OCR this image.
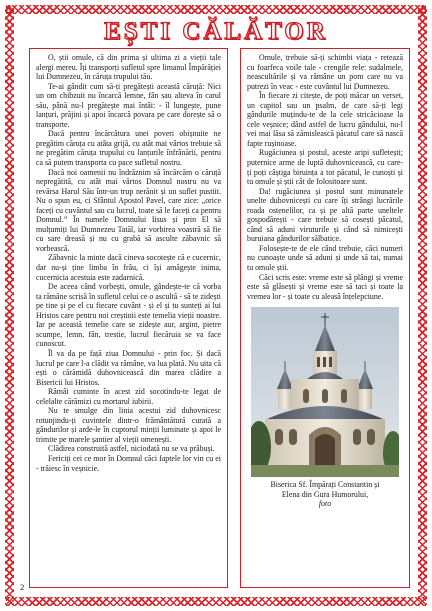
EȘTI CĂLĂTOR

O, știi omule, că din prima și ultima zi a vieții tale alergi mereu. Îți transporți sufletul spre limanul Împărăției lui Dumnezeu, în căruța trupului tău.

Te-ai gândit cum să-ți pregătești această căruță: Nici un om chibzuit nu încarcă lemne, fân sau alteva în carul său, până nu-l pregătește mai întâi: - îl lungește, pune lanțuri, prăjini și apoi încarcă povara pe care dorește să o transporte.

Dacă pentru încărcătura unei poveri obișnuite ne pregătim căruța cu atâta grijă, cu atât mai vârtos trebuie să ne pregătim căruța trupului cu lanțurile înfrânării, pentru ca să putem transporta cu pace sufletul nostru.

Dacă noi oamenii nu îndrăznim să încărcăm o căruță nepregătită, cu atât mai vârtos Domnul nostru nu va revărsa Harul Său într-un trup nerănit și un suflet pustiit. Nu o spun eu, ci Sfântul Apostol Pavel, care zice: „orice faceți cu cuvântul sau cu lucrul, toate să le faceți ca pentru Domnul.” În numele Domnului Iisus și prin El să mulțumiți lui Dumnezeu Tatăl, iar vorbirea voastră să fie cu sare dreasă și nu cu grabă să asculte zăbavnic să vorbească.

Zăbavnic la minte dacă cineva socotește că e cucernic, dar nu-și ține limba în frâu, ci își amăgește inima, cucernicia acestuia este zadarnică.

De aceea când vorbești, omule, gândește-te că vorba ta rămâne scrisă în sufletul celui ce o ascultă - să te zidești pe tine și pe el cu fiecare cuvânt - și el și tu sunteți ai lui Hristos care pentru noi creștinii este temelia vieții noastre. Iar pe această temelie care se zidește aur, argint, pietre scumpe, lemn, fân, trestie, lucrul fiecăruia se va face cunoscut.

Îl va da pe față ziua Domnului - prin foc. Și dacă lucrul pe care l-a clădit va rămâne, va lua plată. Nu uita că ești o cărămidă duhovnicească din marea clădire a Bisericii lui Hristos.

Rămâi cuminte în acest zid socotindu-te legat de celelalte cărămizi cu mortarul iubirii.

Nu te smulge din linia acestui zid duhovnicesc rotunjindu-ți cuvintele dintr-o frământătură curată a gândurilor și arde-le în cuptorul minții luminate și apoi le trimite pe marele șantier al vieții omenești.

Clădirea construită astfel, niciodată nu se va prăbuși.

Fericiți cei ce mor în Domnul căci faptele lor vin cu ei - trăiesc în veșnicie.

Omule, trebuie să-ți schimbi viața - retează cu foarfeca voile tale - crengile rele: sudalmele, neascultările și va rămâne un pom care nu va putrezi în veac - este cuvântul lui Dumnezeu.

În fiecare zi citește, de poți măcar un verset, un capitol sau un psalm, de care să-ți legi gândurile muțindu-te de la cele stricăcioase la cele veșnice; dând astfel de lucru gândului, nu-l vei mai lăsa să zămislească păcatul care să nască fapte rușinoase.

Rugăciunea și postul, aceste aripi sufletești; puternice arme de luptă duhovnicească, cu care-ți poți câștiga biruința a tot păcatul, le cunoști și tu omule și știi cât de folositoare sunt.

Da! rugăciunea și postul sunt minunatele unelte duhovnicești cu care îți strângi lucrările roada ostenelilor, ca și pe altă parte uneltele gospodărești - care trebuie să cosești păcatul, când să aduni viruturile și când să nimicești buruiana gândurilor sălbatice.

Folosește-te de ele când trebuie, căci numeri nu cunoaște unde să aduni și unde să tai, numai tu omule știi.

Căci scris este: vreme este să plângi și vreme este să glăsești și vreme este să taci și toate la vremea lor - și toate cu aleasă înțelepciune.

Biserica Sf. Împărați Constantin și
Elena din Gura Humorului,
foto
2
